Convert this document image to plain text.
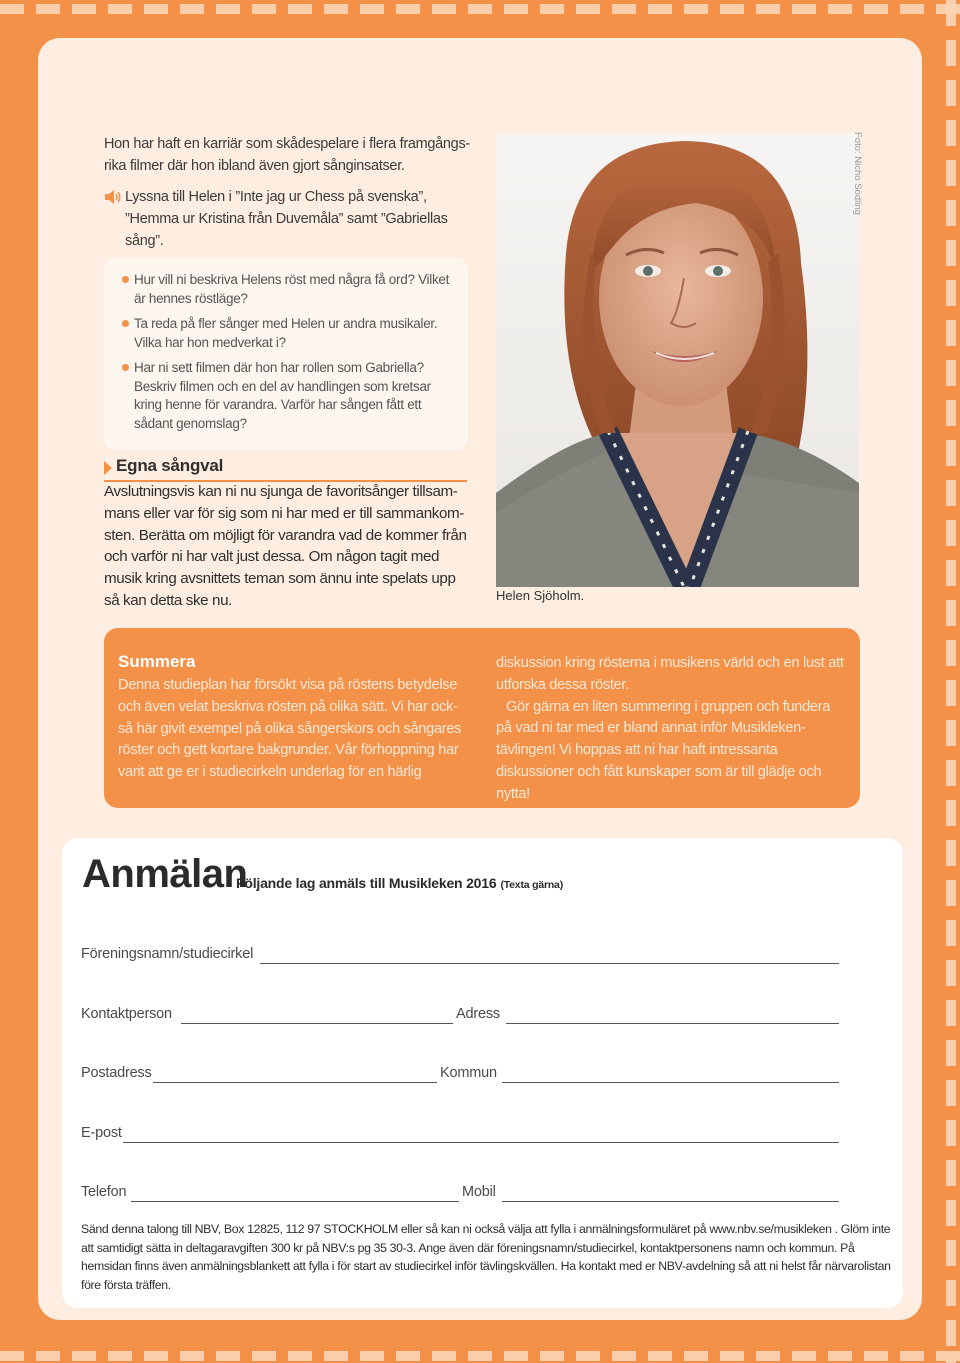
Hon har haft en karriär som skådespelare i flera framgångs-rika filmer där hon ibland även gjort sånginsatser.
Lyssna till Helen i ”Inte jag ur Chess på svenska”, ”Hemma ur Kristina från Duvemåla” samt ”Gabriellas sång”.
Hur vill ni beskriva Helens röst med några få ord? Vilket är hennes röstläge?
Ta reda på fler sånger med Helen ur andra musikaler. Vilka har hon medverkat i?
Har ni sett filmen där hon har rollen som Gabriella? Beskriv filmen och en del av handlingen som kretsar kring henne för varandra. Varför har sången fått ett sådant genomslag?
Egna sångval
Avslutningsvis kan ni nu sjunga de favoritsånger tillsam-mans eller var för sig som ni har med er till sammankom-sten. Berätta om möjligt för varandra vad de kommer från och varför ni har valt just dessa. Om någon tagit med musik kring avsnittets teman som ännu inte spelats upp så kan detta ske nu.
Foto: Nicho Södling
Helen Sjöholm.
Summera
Denna studieplan har försökt visa på röstens betydelse och även velat beskriva rösten på olika sätt. Vi har ock-så här givit exempel på olika sångerskors och sångares röster och gett kortare bakgrunder. Vår förhoppning har varit att ge er i studiecirkeln underlag för en härlig

diskussion kring rösterna i musikens värld och en lust att utforska dessa röster.

Gör gärna en liten summering i gruppen och fundera på vad ni tar med er bland annat inför Musikleken-tävlingen! Vi hoppas att ni har haft intressanta diskussioner och fått kunskaper som är till glädje och nytta!

Anmälan
Följande lag anmäls till Musikleken 2016 (Texta gärna)
Föreningsnamn/studiecirkel
Kontaktperson	Adress
Postadress	Kommun
E-post
Telefon	Mobil
Sänd denna talong till NBV, Box 12825, 112 97 STOCKHOLM eller så kan ni också välja att fylla i anmälningsformuläret på www.nbv.se/musikleken . Glöm inte att samtidigt sätta in deltagaravgiften 300 kr på NBV:s pg 35 30-3. Ange även där föreningsnamn/studiecirkel, kontaktpersonens namn och kommun. På hemsidan finns även anmälningsblankett att fylla i för start av studiecirkel inför tävlingskvällen. Ha kontakt med er NBV-avdelning så att ni helst får närvarolistan före första träffen.
